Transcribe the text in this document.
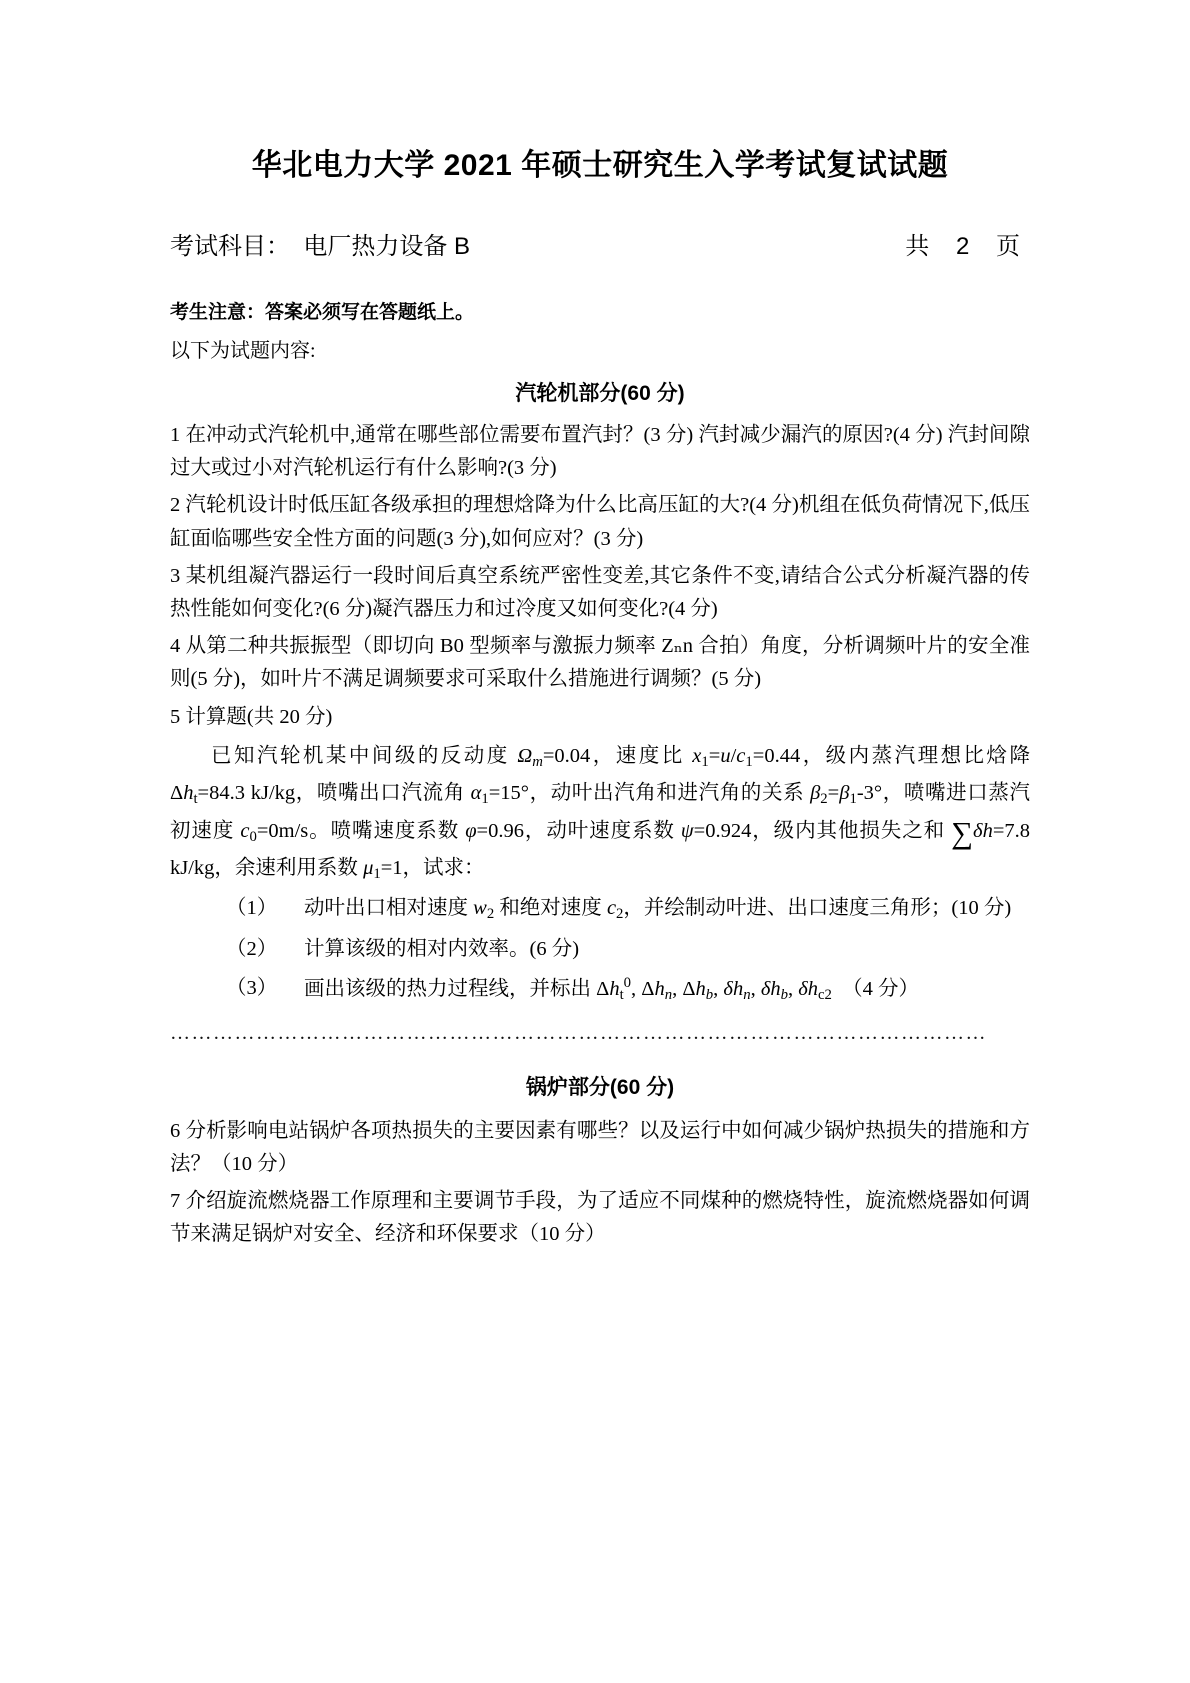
华北电力大学 2021 年硕士研究生入学考试复试试题
考试科目：  电厂热力设备 B	共    2    页
考生注意：答案必须写在答题纸上。
以下为试题内容:
汽轮机部分(60 分)

1 在冲动式汽轮机中,通常在哪些部位需要布置汽封？(3 分) 汽封减少漏汽的原因?(4 分) 汽封间隙过大或过小对汽轮机运行有什么影响?(3 分)

2 汽轮机设计时低压缸各级承担的理想焓降为什么比高压缸的大?(4 分)机组在低负荷情况下,低压缸面临哪些安全性方面的问题(3 分),如何应对？(3 分)

3 某机组凝汽器运行一段时间后真空系统严密性变差,其它条件不变,请结合公式分析凝汽器的传热性能如何变化?(6 分)凝汽器压力和过冷度又如何变化?(4 分)

4 从第二种共振振型（即切向 B0 型频率与激振力频率 Zₙn 合拍）角度，分析调频叶片的安全准则(5 分)，如叶片不满足调频要求可采取什么措施进行调频？(5 分)

5 计算题(共 20 分)

已知汽轮机某中间级的反动度 $\Omega_m=0.04$，速度比 $x_1=u/c_1=0.44$，级内蒸汽理想比焓降 $\Delta h_t=84.3$ kJ/kg，喷嘴出口汽流角 $\alpha_1=15^\circ$，动叶出汽角和进汽角的关系 $\beta_2=\beta_1-3^\circ$，喷嘴进口蒸汽 初速度 $c_0=0m/s$。喷嘴速度系数 φ=0.96，动叶速度系数 ψ=0.924，级内其他损失之和 ∑δh=7.8 kJ/kg，余速利用系数 $\mu_1=1$，试求：

（1）	动叶出口相对速度 $w_2$ 和绝对速度 $c_2$，并绘制动叶进、出口速度三角形；(10 分)
（2）	计算该级的相对内效率。(6 分)
（3）	画出该级的热力过程线，并标出 $\Delta h_t^0$, $\Delta h_n$, $\Delta h_b$, $\delta h_n$, $\delta h_b$, $\delta h_{c2}$　（4 分）
……………………………………………………………………………………………………
锅炉部分(60 分)

6 分析影响电站锅炉各项热损失的主要因素有哪些？以及运行中如何减少锅炉热损失的措施和方法？（10 分）

7 介绍旋流燃烧器工作原理和主要调节手段，为了适应不同煤种的燃烧特性，旋流燃烧器如何调节来满足锅炉对安全、经济和环保要求（10 分）
